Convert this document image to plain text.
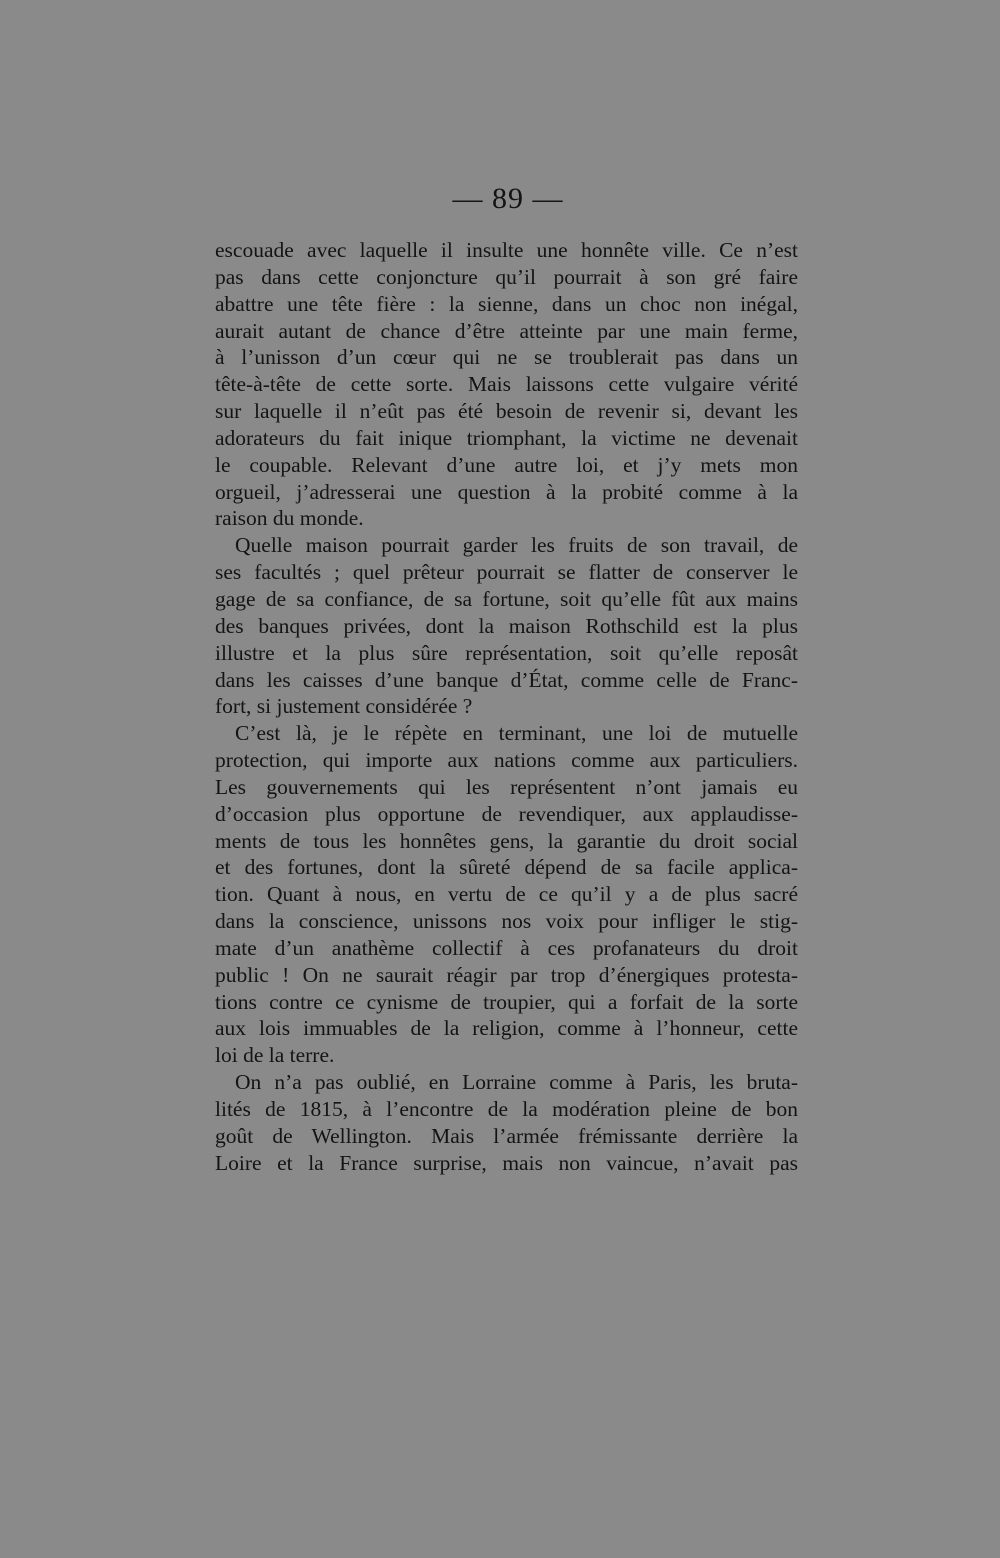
— 89 —
escouade avec laquelle il insulte une honnête ville. Ce n’est
pas dans cette conjoncture qu’il pourrait à son gré faire
abattre une tête fière : la sienne, dans un choc non inégal,
aurait autant de chance d’être atteinte par une main ferme,
à l’unisson d’un cœur qui ne se troublerait pas dans un
tête-à-tête de cette sorte. Mais laissons cette vulgaire vérité
sur laquelle il n’eût pas été besoin de revenir si, devant les
adorateurs du fait inique triomphant, la victime ne devenait
le coupable. Relevant d’une autre loi, et j’y mets mon
orgueil, j’adresserai une question à la probité comme à la
raison du monde.
Quelle maison pourrait garder les fruits de son travail, de
ses facultés ; quel prêteur pourrait se flatter de conserver le
gage de sa confiance, de sa fortune, soit qu’elle fût aux mains
des banques privées, dont la maison Rothschild est la plus
illustre et la plus sûre représentation, soit qu’elle reposât
dans les caisses d’une banque d’État, comme celle de Franc-
fort, si justement considérée ?
C’est là, je le répète en terminant, une loi de mutuelle
protection, qui importe aux nations comme aux particuliers.
Les gouvernements qui les représentent n’ont jamais eu
d’occasion plus opportune de revendiquer, aux applaudisse-
ments de tous les honnêtes gens, la garantie du droit social
et des fortunes, dont la sûreté dépend de sa facile applica-
tion. Quant à nous, en vertu de ce qu’il y a de plus sacré
dans la conscience, unissons nos voix pour infliger le stig-
mate d’un anathème collectif à ces profanateurs du droit
public ! On ne saurait réagir par trop d’énergiques protesta-
tions contre ce cynisme de troupier, qui a forfait de la sorte
aux lois immuables de la religion, comme à l’honneur, cette
loi de la terre.
On n’a pas oublié, en Lorraine comme à Paris, les bruta-
lités de 1815, à l’encontre de la modération pleine de bon
goût de Wellington. Mais l’armée frémissante derrière la
Loire et la France surprise, mais non vaincue, n’avait pas
